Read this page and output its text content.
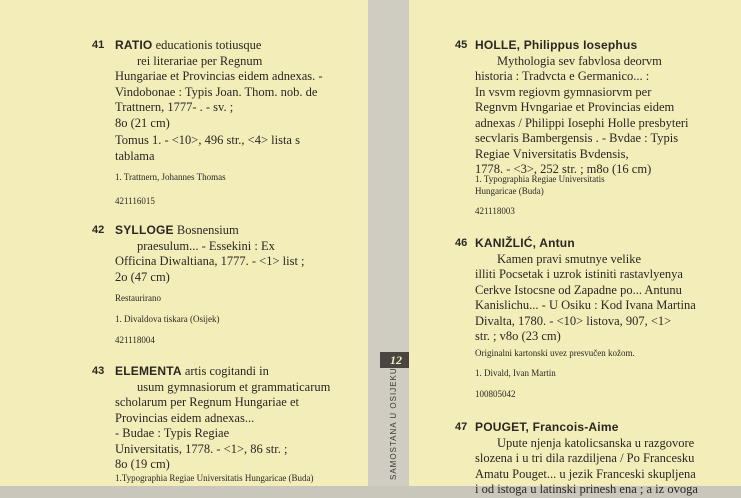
41 RATIO educationis totiusque
rei literariae per Regnum
Hungariae et Provincias eidem adnexas. -
Vindobonae : Typis Joan. Thom. nob. de
Trattnern, 1777- . - sv. ;
8o (21 cm)
Tomus 1. - <10>, 496 str., <4> lista s
tablama
1. Trattnern, Johannes Thomas
421116015
42 SYLLOGE Bosnensium
praesulum... - Essekini : Ex
Officina Diwaltiana, 1777. - <1> list ;
2o (47 cm)
Restaurirano
1. Divaldova tiskara (Osijek)
421118004
43 ELEMENTA artis cogitandi in
usum gymnasiorum et grammaticarum
scholarum per Regnum Hungariae et
Provincias eidem adnexas...
- Budae : Typis Regiae
Universitatis, 1778. - <1>, 86 str. ;
8o (19 cm)
1.Typographia Regiae Universitatis Hungaricae (Buda)
12
SAMOSTANA U OSIJEKU
45 HOLLE, Philippus Iosephus
Mythologia sev fabvlosa deorvm
historia : Tradvcta e Germanico... :
In vsvm regiovm gymnasiorvm per
Regnvm Hvngariae et Provincias eidem
adnexas / Philippi Iosephi Holle presbyteri
secvlaris Bambergensis . - Bvdae : Typis
Regiae Vniversitatis Bvdensis,
1778. - <3>, 252 str. ; m8o (16 cm)
1. Typographia Regiae Universitatis
Hungaricae (Buda)
421118003
46 KANIŽLIĆ, Antun
Kamen pravi smutnye velike
illiti Pocsetak i uzrok istiniti rastavlyenya
Cerkve Istocsne od Zapadne po... Antunu
Kanislichu... - U Osiku : Kod Ivana Martina
Divalta, 1780. - <10> listova, 907, <1>
str. ; v8o (23 cm)
Originalni kartonski uvez presvučen kožom.
1. Divald, Ivan Martin
100805042
47 POUGET, Francois-Aime
Upute njenja katolicsanska u razgovore
slozena i u tri dila razdiljena / Po Francesku
Amatu Pouget... u jezik Franceski skupljena
i od istoga u latinski prinesh ena ; a iz ovoga
